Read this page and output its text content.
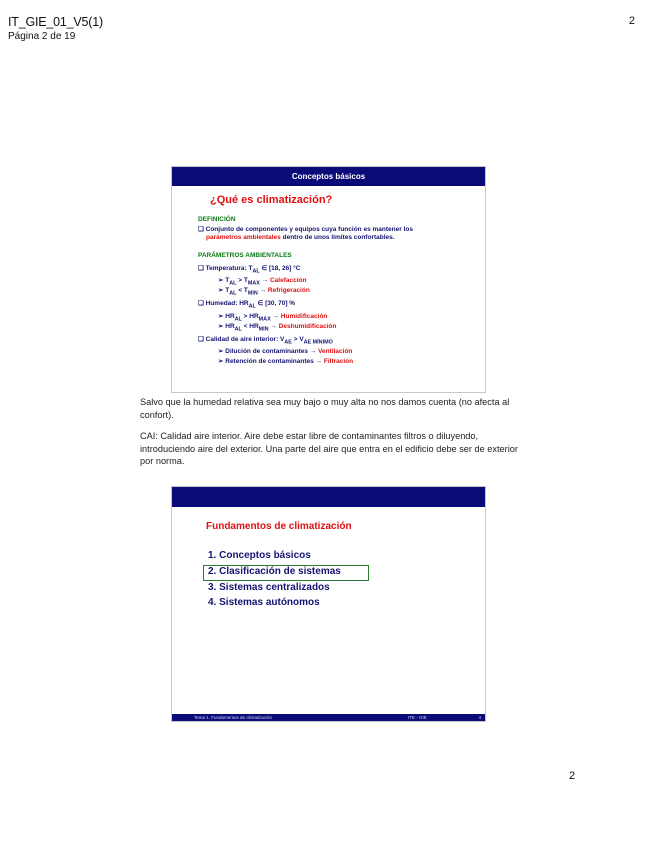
IT_GIE_01_V5(1)
Página 2 de 19
2
Conceptos básicos
¿Qué es climatización?
DEFINICIÓN
❑ Conjunto de componentes y equipos cuya función es mantener los
parámetros ambientales dentro de unos límites confortables.
PARÁMETROS AMBIENTALES
❑ Temperatura: $T_{AL}$ ∈ [18, 26] °C
➢ $T_{AL} > T_{MAX}$ → Calefacción
➢ $T_{AL} < T_{MIN}$ → Refrigeración
❑ Humedad: $HR_{AL}$ ∈ [30, 70] %
➢ $HR_{AL} > HR_{MAX}$ → Humidificación
➢ $HR_{AL} < HR_{MIN}$ → Deshumidificación
❑ Calidad de aire interior: $V_{AE} > V_{AE MÍNIMO}$
➢ Dilución de contaminantes → Ventilación
➢ Retención de contaminantes → Filtración
Salvo que la humedad relativa sea muy bajo o muy alta no nos damos cuenta (no afecta al confort).
CAI: Calidad aire interior. Aire debe estar libre de contaminantes filtros o diluyendo, introduciendo aire del exterior. Una parte del aire que entra en el edificio debe ser de exterior por norma.
Fundamentos de climatización
1. Conceptos básicos
2. Clasificación de sistemas
3. Sistemas centralizados
4. Sistemas autónomos
Tema 1. Fundamentos de climatización	ITE - GIE	4
2
